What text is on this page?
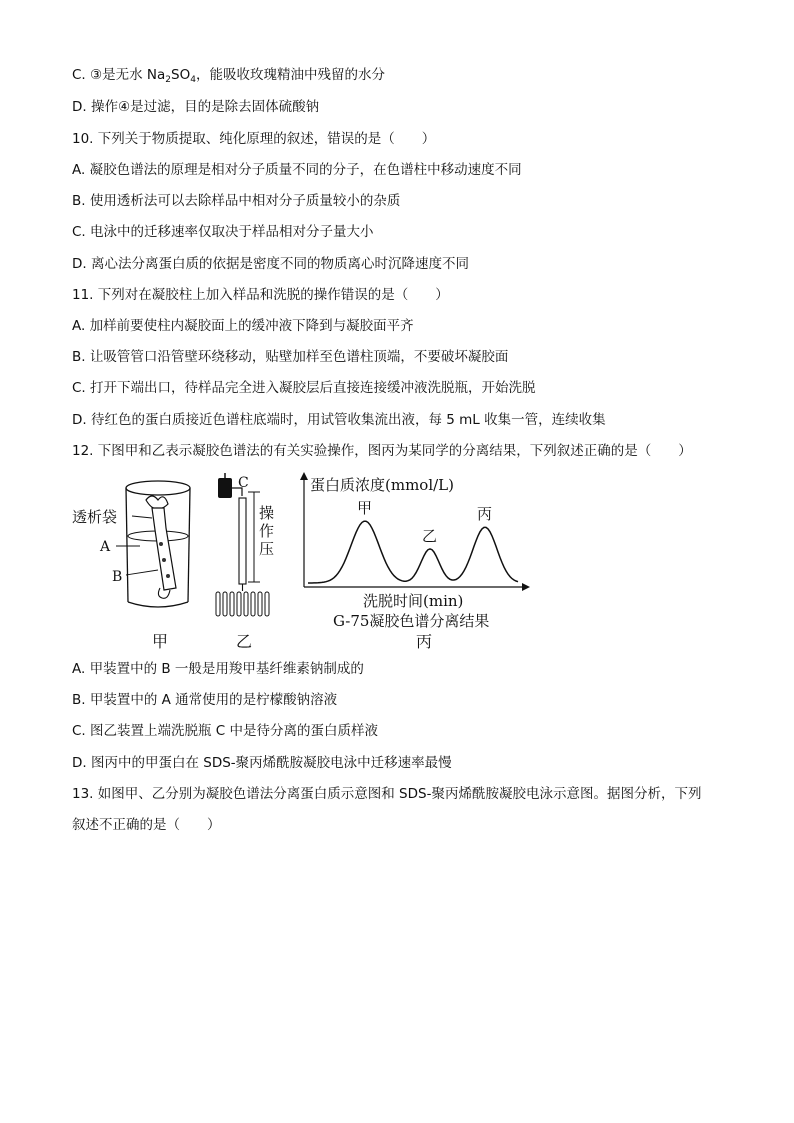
C. ③是无水 $Na_2SO_4$，能吸收玫瑰精油中残留的水分
D. 操作④是过滤，目的是除去固体硫酸钠
10. 下列关于物质提取、纯化原理的叙述，错误的是（　　）
A. 凝胶色谱法的原理是相对分子质量不同的分子，在色谱柱中移动速度不同
B. 使用透析法可以去除样品中相对分子质量较小的杂质
C. 电泳中的迁移速率仅取决于样品相对分子量大小
D. 离心法分离蛋白质的依据是密度不同的物质离心时沉降速度不同
11. 下列对在凝胶柱上加入样品和洗脱的操作错误的是（　　）
A. 加样前要使柱内凝胶面上的缓冲液下降到与凝胶面平齐
B. 让吸管管口沿管壁环绕移动，贴壁加样至色谱柱顶端，不要破坏凝胶面
C. 打开下端出口，待样品完全进入凝胶层后直接连接缓冲液洗脱瓶，开始洗脱
D. 待红色的蛋白质接近色谱柱底端时，用试管收集流出液，每 5 mL 收集一管，连续收集
12. 下图甲和乙表示凝胶色谱法的有关实验操作，图丙为某同学的分离结果，下列叙述正确的是（　　）
透析袋
A
B
甲
C
操
作
压
乙
蛋白质浓度(mmol/L)
甲
乙
丙
洗脱时间(min)
G-75凝胶色谱分离结果
丙
A. 甲装置中的 B 一般是用羧甲基纤维素钠制成的
B. 甲装置中的 A 通常使用的是柠檬酸钠溶液
C. 图乙装置上端洗脱瓶 C 中是待分离的蛋白质样液
D. 图丙中的甲蛋白在 SDS-聚丙烯酰胺凝胶电泳中迁移速率最慢
13. 如图甲、乙分别为凝胶色谱法分离蛋白质示意图和 SDS-聚丙烯酰胺凝胶电泳示意图。据图分析，下列
叙述不正确的是（　　）
